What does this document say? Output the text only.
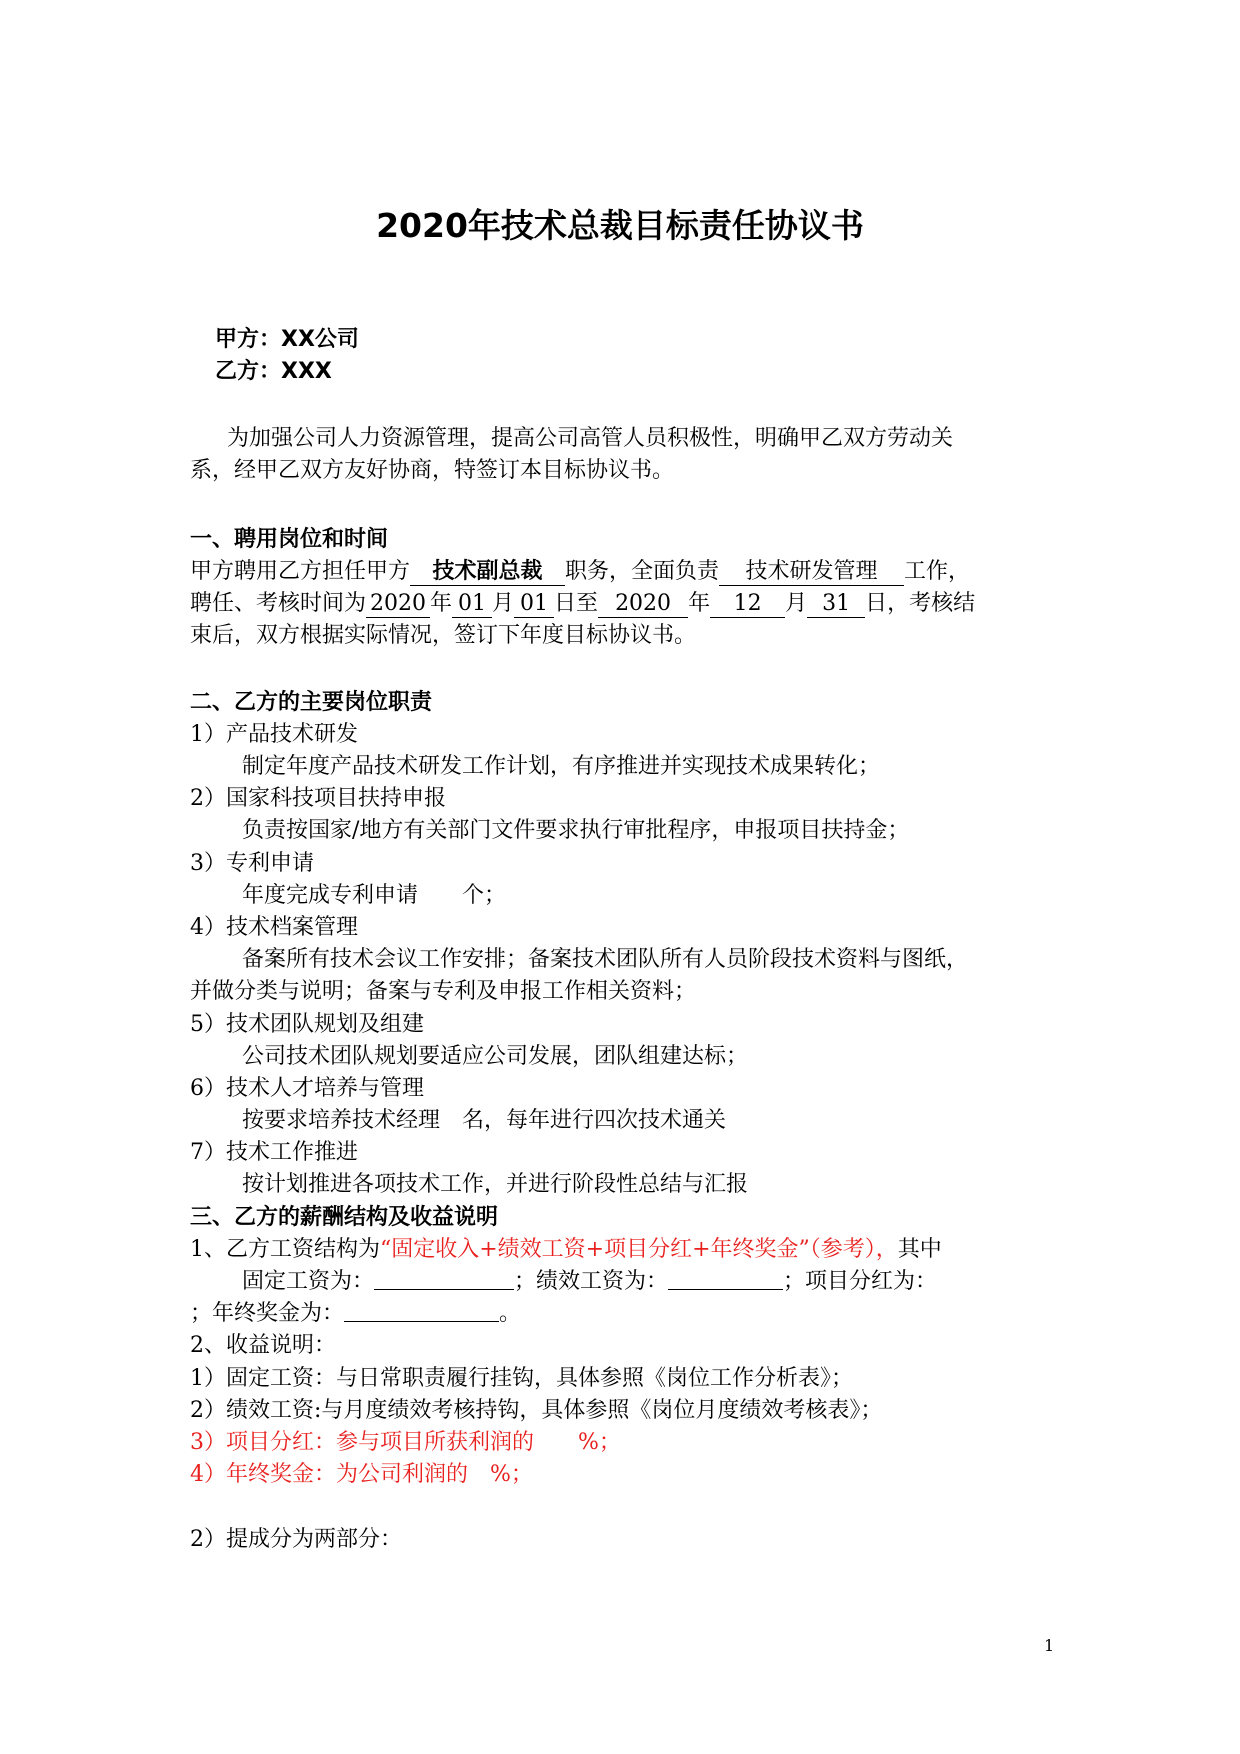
2020年技术总裁目标责任协议书
甲方：XX公司
乙方：XXX
为加强公司人力资源管理，提高公司高管人员积极性，明确甲乙双方劳动关
系，经甲乙双方友好协商，特签订本目标协议书。
一、聘用岗位和时间
甲方聘用乙方担任甲方 技术副总裁 职务，全面负责 技术研发管理 工作，
聘任、考核时间为 2020 年 01 月 01 日至 2020 年 12 月 31 日，考核结
束后，双方根据实际情况，签订下年度目标协议书。
二、乙方的主要岗位职责
1）产品技术研发
制定年度产品技术研发工作计划，有序推进并实现技术成果转化；
2）国家科技项目扶持申报
负责按国家/地方有关部门文件要求执行审批程序，申报项目扶持金；
3）专利申请
年度完成专利申请　　个；
4）技术档案管理
备案所有技术会议工作安排；备案技术团队所有人员阶段技术资料与图纸，
并做分类与说明；备案与专利及申报工作相关资料；
5）技术团队规划及组建
公司技术团队规划要适应公司发展，团队组建达标；
6）技术人才培养与管理
按要求培养技术经理　名，每年进行四次技术通关
7）技术工作推进
按计划推进各项技术工作，并进行阶段性总结与汇报
三、乙方的薪酬结构及收益说明
1、乙方工资结构为“固定收入+绩效工资+项目分红+年终奖金”（参考），其中
固定工资为：	；绩效工资为：	；项目分红为：
；年终奖金为：	。
2、收益说明：
1）固定工资：与日常职责履行挂钩，具体参照《岗位工作分析表》；
2）绩效工资:与月度绩效考核持钩，具体参照《岗位月度绩效考核表》；
3）项目分红：参与项目所获利润的　　%；
4）年终奖金：为公司利润的　%；
2）提成分为两部分：
1
